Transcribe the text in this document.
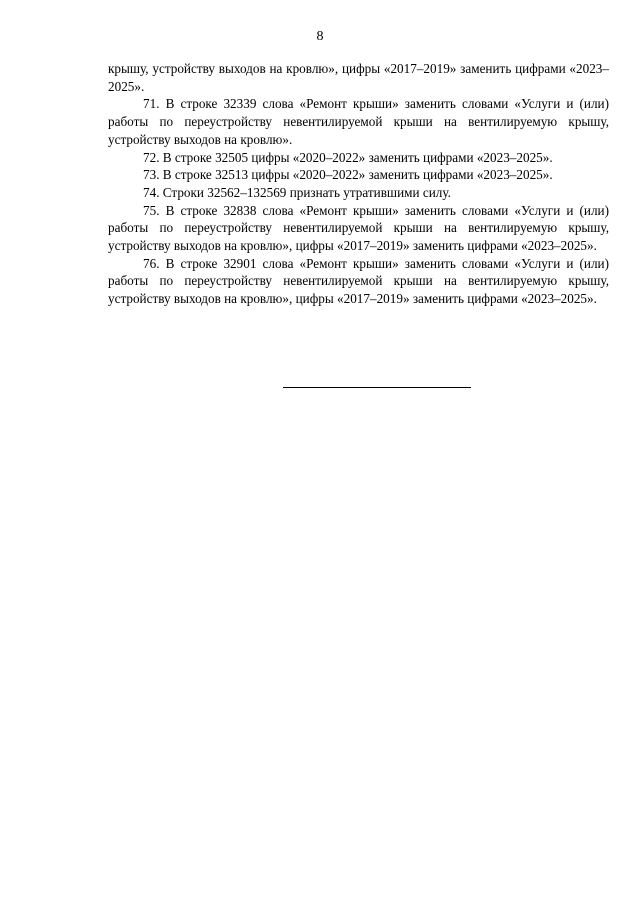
8

крышу, устройству выходов на кровлю», цифры «2017–2019» заменить цифрами «2023–2025».

71. В строке 32339 слова «Ремонт крыши» заменить словами «Услуги и (или) работы по переустройству невентилируемой крыши на вентилируемую крышу, устройству выходов на кровлю».

72. В строке 32505 цифры «2020–2022» заменить цифрами «2023–2025».

73. В строке 32513 цифры «2020–2022» заменить цифрами «2023–2025».

74. Строки 32562–132569 признать утратившими силу.

75. В строке 32838 слова «Ремонт крыши» заменить словами «Услуги и (или) работы по переустройству невентилируемой крыши на вентилируемую крышу, устройству выходов на кровлю», цифры «2017–2019» заменить цифрами «2023–2025».

76. В строке 32901 слова «Ремонт крыши» заменить словами «Услуги и (или) работы по переустройству невентилируемой крыши на вентилируемую крышу, устройству выходов на кровлю», цифры «2017–2019» заменить цифрами «2023–2025».
